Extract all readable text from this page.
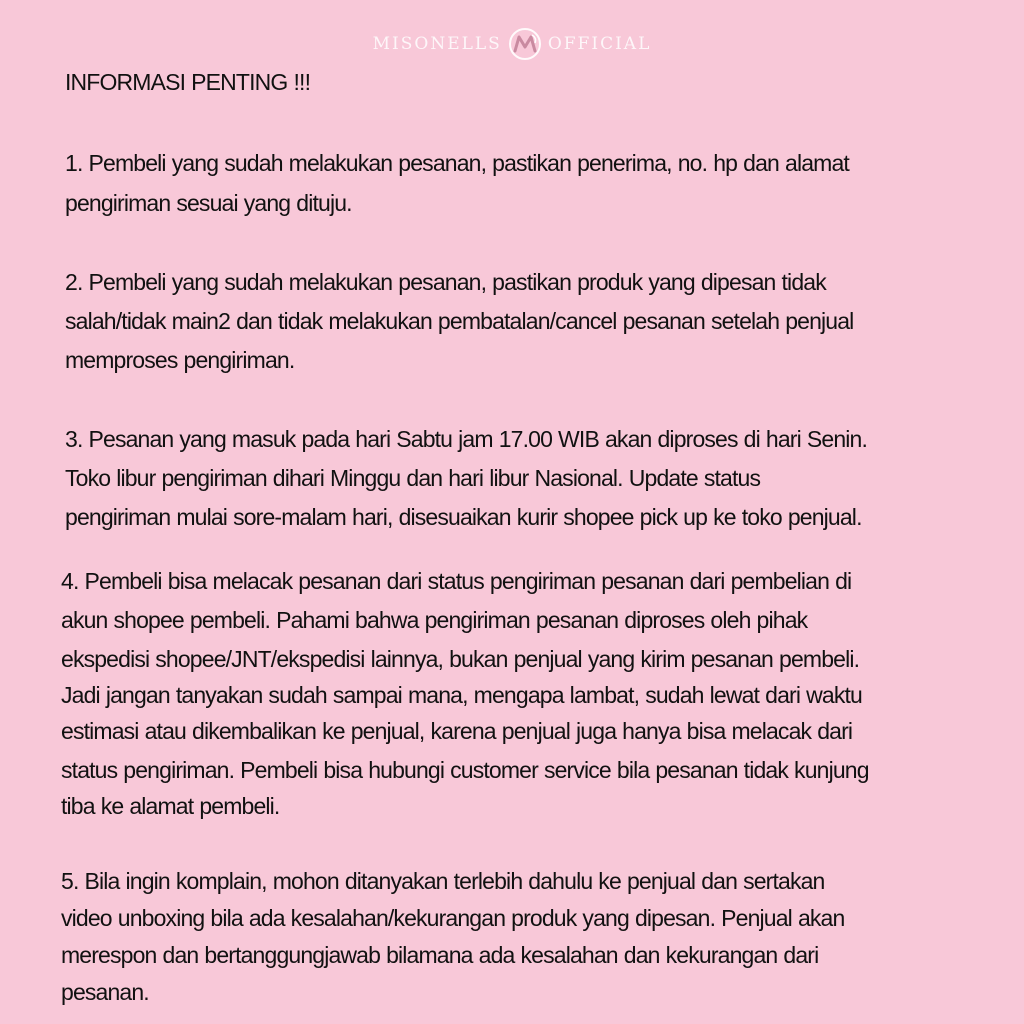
MISONELLS	OFFICIAL
INFORMASI PENTING !!!
1. Pembeli yang sudah melakukan pesanan, pastikan penerima, no. hp dan alamat
pengiriman sesuai yang dituju.
2. Pembeli yang sudah melakukan pesanan, pastikan produk yang dipesan tidak
salah/tidak main2 dan tidak melakukan pembatalan/cancel pesanan setelah penjual
memproses pengiriman.
3. Pesanan yang masuk pada hari Sabtu jam 17.00 WIB akan diproses di hari Senin.
Toko libur pengiriman dihari Minggu dan hari libur Nasional. Update status
pengiriman mulai sore-malam hari, disesuaikan kurir shopee pick up ke toko penjual.
4. Pembeli bisa melacak pesanan dari status pengiriman pesanan dari pembelian di
akun shopee pembeli. Pahami bahwa pengiriman pesanan diproses oleh pihak
ekspedisi shopee/JNT/ekspedisi lainnya, bukan penjual yang kirim pesanan pembeli.
Jadi jangan tanyakan sudah sampai mana, mengapa lambat, sudah lewat dari waktu
estimasi atau dikembalikan ke penjual, karena penjual juga hanya bisa melacak dari
status pengiriman. Pembeli bisa hubungi customer service bila pesanan tidak kunjung
tiba ke alamat pembeli.
5. Bila ingin komplain, mohon ditanyakan terlebih dahulu ke penjual dan sertakan
video unboxing bila ada kesalahan/kekurangan produk yang dipesan. Penjual akan
merespon dan bertanggungjawab bilamana ada kesalahan dan kekurangan dari
pesanan.
